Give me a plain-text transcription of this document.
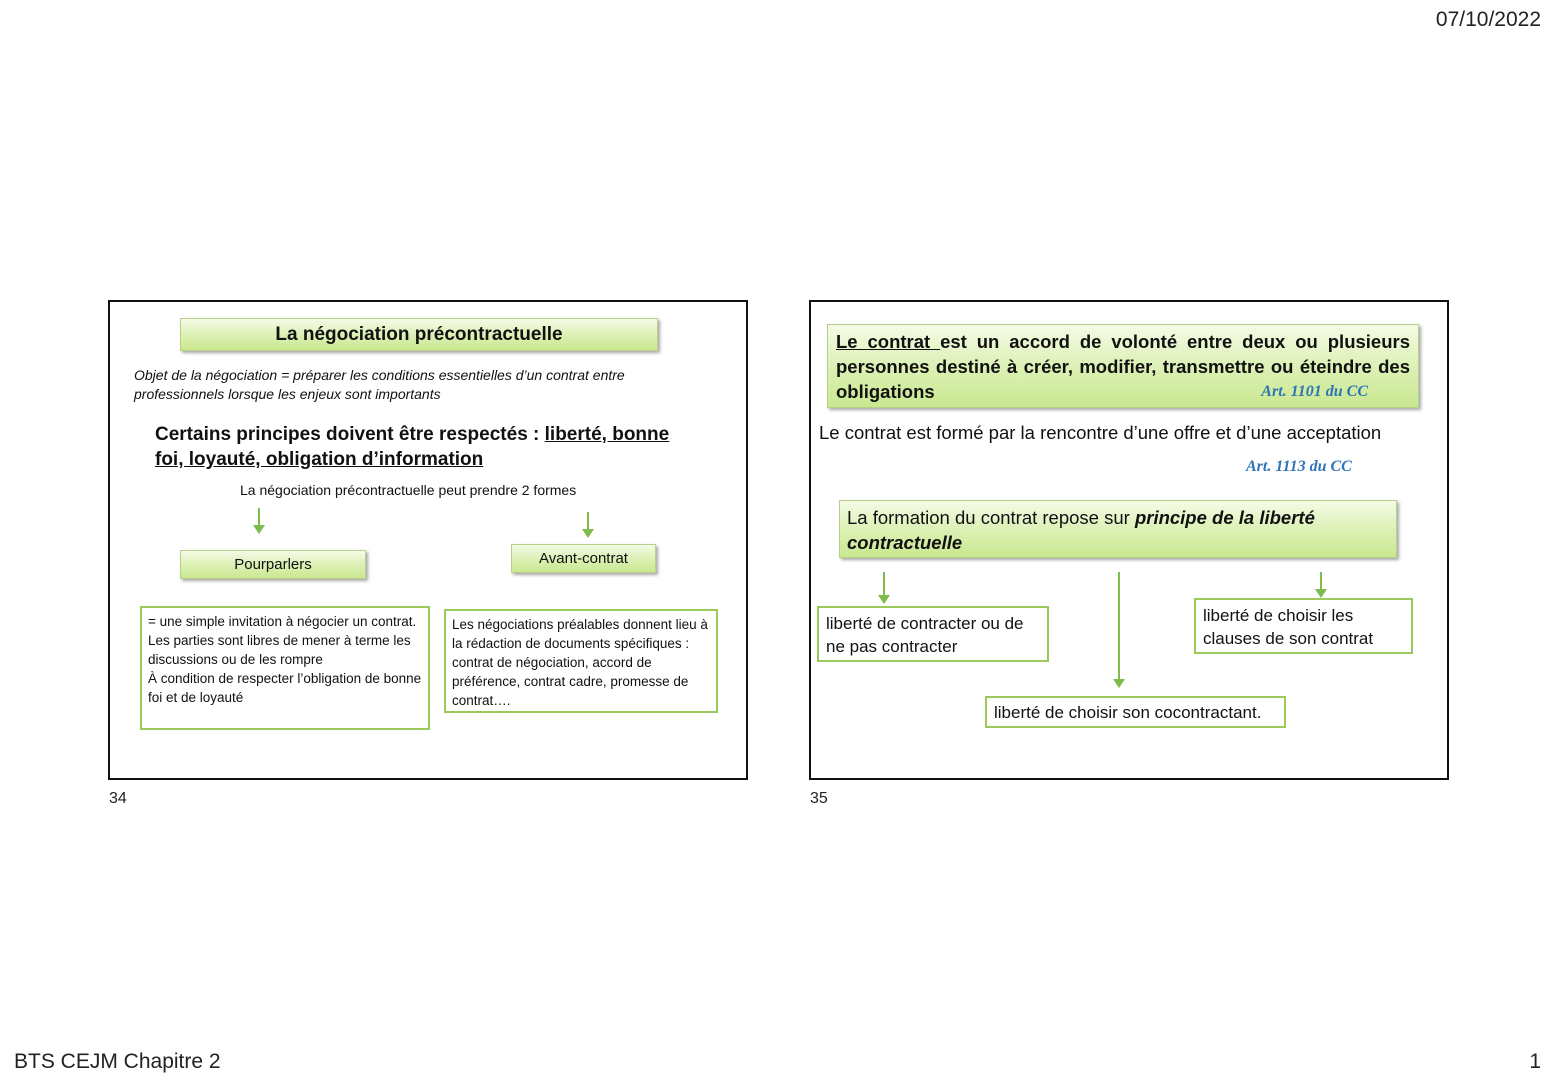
07/10/2022
BTS CEJM Chapitre 2	1
La négociation précontractuelle
Objet de la négociation = préparer les conditions essentielles d’un contrat entre professionnels lorsque les enjeux sont importants
Certains principes doivent être respectés : liberté, bonne foi, loyauté, obligation d’information
La négociation précontractuelle peut prendre 2 formes
Pourparlers	Avant-contrat
= une simple invitation à négocier un contrat.
Les parties sont libres de mener à terme les discussions ou de les rompre
À condition de respecter l’obligation de bonne foi et de loyauté
Les négociations préalables donnent lieu à la rédaction de documents spécifiques : contrat de négociation, accord de préférence, contrat cadre, promesse de contrat….
34
Le contrat est un accord de volonté entre deux ou plusieurs personnes destiné à créer, modifier, transmettre ou éteindre des obligations	Art. 1101 du CC
Le contrat est formé par la rencontre d’une offre et d’une acceptation
Art. 1113 du CC
La formation du contrat repose sur principe de la liberté contractuelle
liberté de contracter ou de ne pas contracter
liberté de choisir les clauses de son contrat
liberté de choisir son cocontractant.
35
